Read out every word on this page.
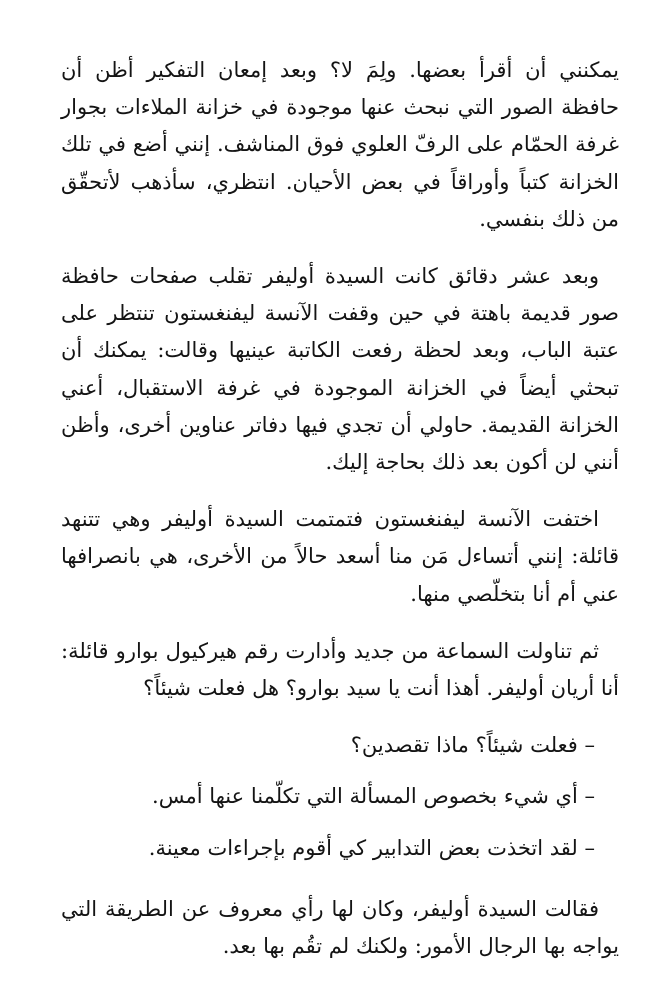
يمكنني أن أقرأ بعضها. ولِمَ لا؟ وبعد إمعان التفكير أظن أن حافظة الصور التي نبحث عنها موجودة في خزانة الملاءات بجوار غرفة الحمّام على الرفّ العلوي فوق المناشف. إنني أضع في تلك الخزانة كتباً وأوراقاً في بعض الأحيان. انتظري، سأذهب لأتحقّق من ذلك بنفسي.

وبعد عشر دقائق كانت السيدة أوليفر تقلب صفحات حافظة صور قديمة باهتة في حين وقفت الآنسة ليفنغستون تنتظر على عتبة الباب، وبعد لحظة رفعت الكاتبة عينيها وقالت: يمكنك أن تبحثي أيضاً في الخزانة الموجودة في غرفة الاستقبال، أعني الخزانة القديمة. حاولي أن تجدي فيها دفاتر عناوين أخرى، وأظن أنني لن أكون بعد ذلك بحاجة إليك.

اختفت الآنسة ليفنغستون فتمتمت السيدة أوليفر وهي تتنهد قائلة: إنني أتساءل مَن منا أسعد حالاً من الأخرى، هي بانصرافها عني أم أنا بتخلّصي منها.

ثم تناولت السماعة من جديد وأدارت رقم هيركيول بوارو قائلة: أنا أريان أوليفر. أهذا أنت يا سيد بوارو؟ هل فعلت شيئاً؟

– فعلت شيئاً؟ ماذا تقصدين؟

– أي شيء بخصوص المسألة التي تكلّمنا عنها أمس.

– لقد اتخذت بعض التدابير كي أقوم بإجراءات معينة.

فقالت السيدة أوليفر، وكان لها رأي معروف عن الطريقة التي يواجه بها الرجال الأمور: ولكنك لم تقُم بها بعد.
